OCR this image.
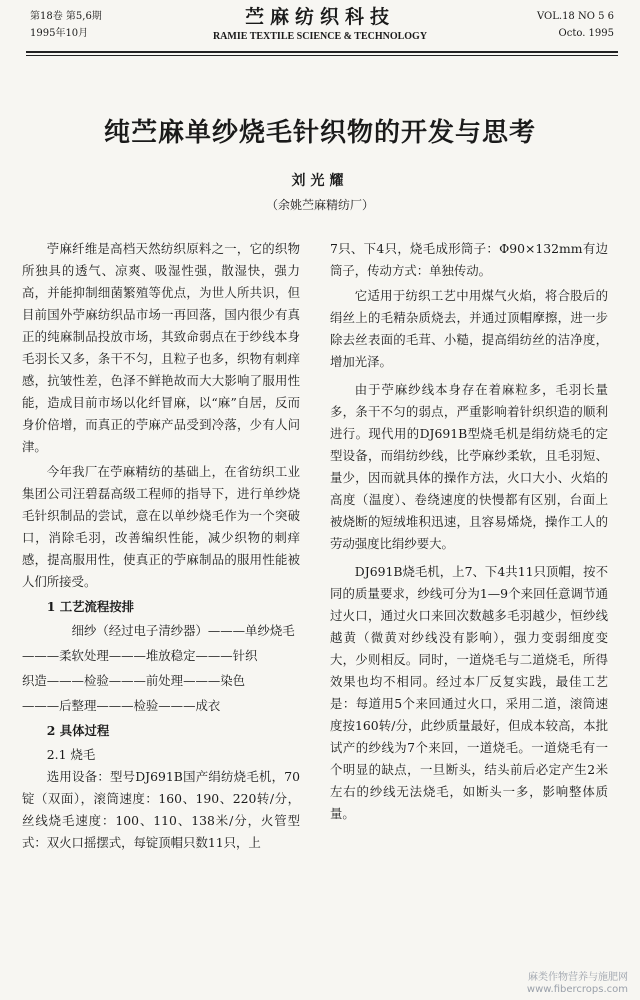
第18卷 第5,6期
1995年10月
苎麻纺织科技
RAMIE TEXTILE SCIENCE & TECHNOLOGY
VOL.18 NO 5 6
Octo. 1995
纯苎麻单纱烧毛针织物的开发与思考
刘光耀
（余姚苎麻精纺厂）

苧麻纤维是高档天然纺织原料之一，它的织物所独具的透气、凉爽、吸湿性强，散湿快，强力高，并能抑制细菌繁殖等优点，为世人所共识，但目前国外苧麻纺织品市场一再回落，国内很少有真正的纯麻制品投放市场，其致命弱点在于纱线本身毛羽长又多，条干不匀，且粒子也多，织物有刺痒感，抗皱性差，色泽不鲜艳故而大大影响了服用性能，造成目前市场以化纤冒麻，以“麻”自居，反而身价倍增，而真正的苧麻产品受到冷落，少有人问津。

今年我厂在苧麻精纺的基础上，在省纺织工业集团公司汪碧磊高级工程师的指导下，进行单纱烧毛针织制品的尝试，意在以单纱烧毛作为一个突破口，消除毛羽，改善编织性能，减少织物的刺痒感，提高服用性，使真正的苧麻制品的服用性能被人们所接受。

1 工艺流程按排

细纱（经过电子清纱器）———单纱烧毛

———柔软处理———堆放稳定———针织

织造———检验———前处理———染色

———后整理———检验———成衣

2 具体过程
2.1 烧毛

选用设备：型号DJ691B国产绢纺烧毛机，70锭（双面），滚筒速度：160、190、220转/分，丝线烧毛速度：100、110、138米/分，火管型式：双火口摇摆式，每锭顶帽只数11只，上

7只、下4只，烧毛成形筒子：Φ90×132mm有边筒子，传动方式：单独传动。

它适用于纺织工艺中用煤气火焰，将合股后的绢丝上的毛精杂质烧去，并通过顶帽摩擦，进一步除去丝表面的毛茸、小糙，提高绢纺丝的洁净度，增加光泽。

由于苧麻纱线本身存在着麻粒多，毛羽长量多，条干不匀的弱点，严重影响着针织织造的顺利进行。现代用的DJ691B型烧毛机是绢纺烧毛的定型设备，而绢纺纱线，比苧麻纱柔软，且毛羽短、量少，因而就具体的操作方法，火口大小、火焰的高度（温度）、卷绕速度的快慢都有区别，台面上被烧断的短绒堆积迅速，且容易烯烧，操作工人的劳动强度比绢纱要大。

DJ691B烧毛机，上7、下4共11只顶帽，按不同的质量要求，纱线可分为1—9个来回任意调节通过火口，通过火口来回次数越多毛羽越少，恒纱线越黄（微黄对纱线没有影响），强力变弱细度变大，少则相反。同时，一道烧毛与二道烧毛，所得效果也均不相同。经过本厂反复实践，最佳工艺是：每道用5个来回通过火口，采用二道，滚筒速度按160转/分，此纱质量最好，但成本较高，本批试产的纱线为7个来回，一道烧毛。一道烧毛有一个明显的缺点，一旦断头，结头前后必定产生2米左右的纱线无法烧毛，如断头一多，影响整体质量。

麻类作物营养与施肥网
www.fibercrops.com
